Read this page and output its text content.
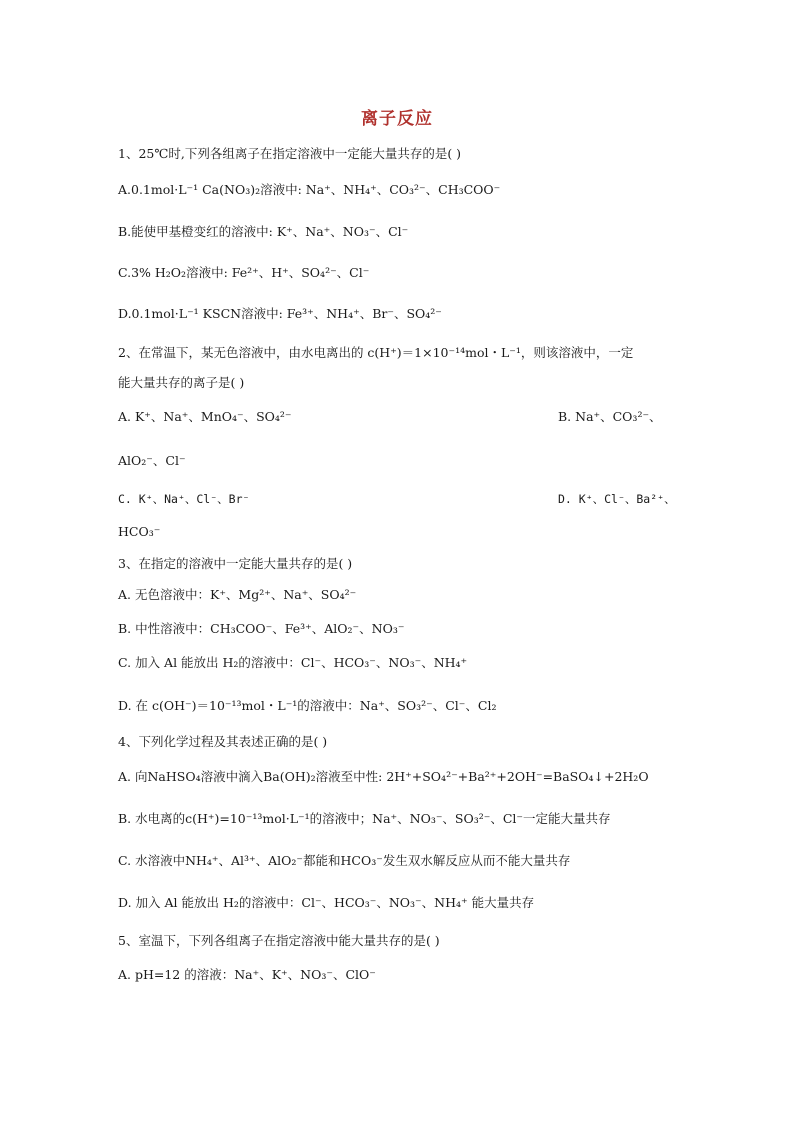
离子反应
1、25℃时,下列各组离子在指定溶液中一定能大量共存的是( )
A.0.1mol·L⁻¹ Ca(NO₃)₂溶液中: Na⁺、NH₄⁺、CO₃²⁻、CH₃COO⁻
B.能使甲基橙变红的溶液中: K⁺、Na⁺、NO₃⁻、Cl⁻
C.3% H₂O₂溶液中: Fe²⁺、H⁺、SO₄²⁻、Cl⁻
D.0.1mol·L⁻¹ KSCN溶液中: Fe³⁺、NH₄⁺、Br⁻、SO₄²⁻
2、在常温下，某无色溶液中，由水电离出的 c(H⁺)＝1×10⁻¹⁴mol・L⁻¹，则该溶液中，一定
能大量共存的离子是( )
A. K⁺、Na⁺、MnO₄⁻、SO₄²⁻	B. Na⁺、CO₃²⁻、
AlO₂⁻、Cl⁻
C. K⁺、Na⁺、Cl⁻、Br⁻	D. K⁺、Cl⁻、Ba²⁺、
HCO₃⁻
3、在指定的溶液中一定能大量共存的是( )
A. 无色溶液中：K⁺、Mg²⁺、Na⁺、SO₄²⁻
B. 中性溶液中：CH₃COO⁻、Fe³⁺、AlO₂⁻、NO₃⁻
C. 加入 Al 能放出 H₂的溶液中：Cl⁻、HCO₃⁻、NO₃⁻、NH₄⁺
D. 在 c(OH⁻)＝10⁻¹³mol・L⁻¹的溶液中：Na⁺、SO₃²⁻、Cl⁻、Cl₂
4、下列化学过程及其表述正确的是( )
A. 向NaHSO₄溶液中滴入Ba(OH)₂溶液至中性: 2H⁺+SO₄²⁻+Ba²⁺+2OH⁻=BaSO₄↓+2H₂O
B. 水电离的c(H⁺)=10⁻¹³mol·L⁻¹的溶液中；Na⁺、NO₃⁻、SO₃²⁻、Cl⁻一定能大量共存
C. 水溶液中NH₄⁺、Al³⁺、AlO₂⁻都能和HCO₃⁻发生双水解反应从而不能大量共存
D. 加入 Al 能放出 H₂的溶液中：Cl⁻、HCO₃⁻、NO₃⁻、NH₄⁺ 能大量共存
5、室温下，下列各组离子在指定溶液中能大量共存的是( )
A. pH=12 的溶液：Na⁺、K⁺、NO₃⁻、ClO⁻
